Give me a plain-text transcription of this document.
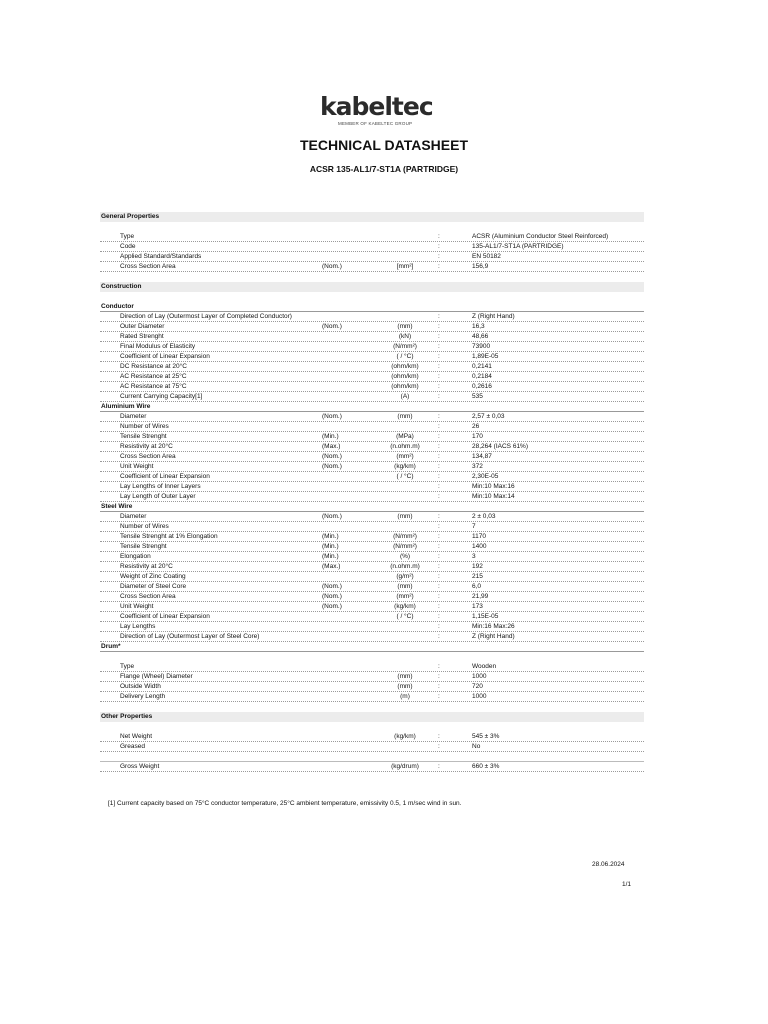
kabeltec
MEMBER OF KABELTEC GROUP
TECHNICAL DATASHEET
ACSR 135-AL1/7-ST1A (PARTRIDGE)
General Properties
Type	:	ACSR (Aluminium Conductor Steel Reinforced)
Code	:	135-AL1/7-ST1A (PARTRIDGE)
Applied Standard/Standards	:	EN 50182
Cross Section Area	(Nom.)	[mm²]	:	156,9
Construction
Conductor
Direction of Lay (Outermost Layer of Completed Conductor)	:	Z (Right Hand)
Outer Diameter	(Nom.)	(mm)	:	16,3
Rated Strenght	(kN)	:	48,66
Final Modulus of Elasticity	(N/mm²)	:	73900
Coefficient of Linear Expansion	( / °C)	:	1,89E-05
DC Resistance at 20°C	(ohm/km)	:	0,2141
AC Resistance at 25°C	(ohm/km)	:	0,2184
AC Resistance at 75°C	(ohm/km)	:	0,2616
Current Carrying Capacity[1]	(A)	:	535
Aluminium Wire
Diameter	(Nom.)	(mm)	:	2,57 ± 0,03
Number of Wires	:	26
Tensile Strenght	(Min.)	(MPa)	:	170
Resistivity at 20°C	(Max.)	(n.ohm.m)	:	28,264 (IACS 61%)
Cross Section Area	(Nom.)	(mm²)	:	134,87
Unit Weight	(Nom.)	(kg/km)	:	372
Coefficient of Linear Expansion	( / °C)	:	2,30E-05
Lay Lengths of Inner Layers	:	Min:10 Max:16
Lay Length of Outer Layer	:	Min:10 Max:14
Steel Wire
Diameter	(Nom.)	(mm)	:	2 ± 0,03
Number of Wires	:	7
Tensile Strenght at 1% Elongation	(Min.)	(N/mm²)	:	1170
Tensile Strenght	(Min.)	(N/mm²)	:	1400
Elongation	(Min.)	(%)	:	3
Resistivity at 20°C	(Max.)	(n.ohm.m)	:	192
Weight of Zinc Coating	(g/m²)	:	215
Diameter of Steel Core	(Nom.)	(mm)	:	6,0
Cross Section Area	(Nom.)	(mm²)	:	21,99
Unit Weight	(Nom.)	(kg/km)	:	173
Coefficient of Linear Expansion	( / °C)	:	1,15E-05
Lay Lengths	:	Min:16 Max:26
Direction of Lay (Outermost Layer of Steel Core)	:	Z (Right Hand)
Drum*
Type	:	Wooden
Flange (Wheel) Diameter	(mm)	:	1000
Outside Width	(mm)	:	720
Delivery Length	(m)	:	1000
Other Properties
Net Weight	(kg/km)	:	545 ± 3%
Greased	:	No
Gross Weight	(kg/drum)	:	660 ± 3%
[1] Current capacity based on 75°C conductor temperature, 25°C ambient temperature, emissivity 0.5, 1 m/sec wind in sun.
28.06.2024
1/1
